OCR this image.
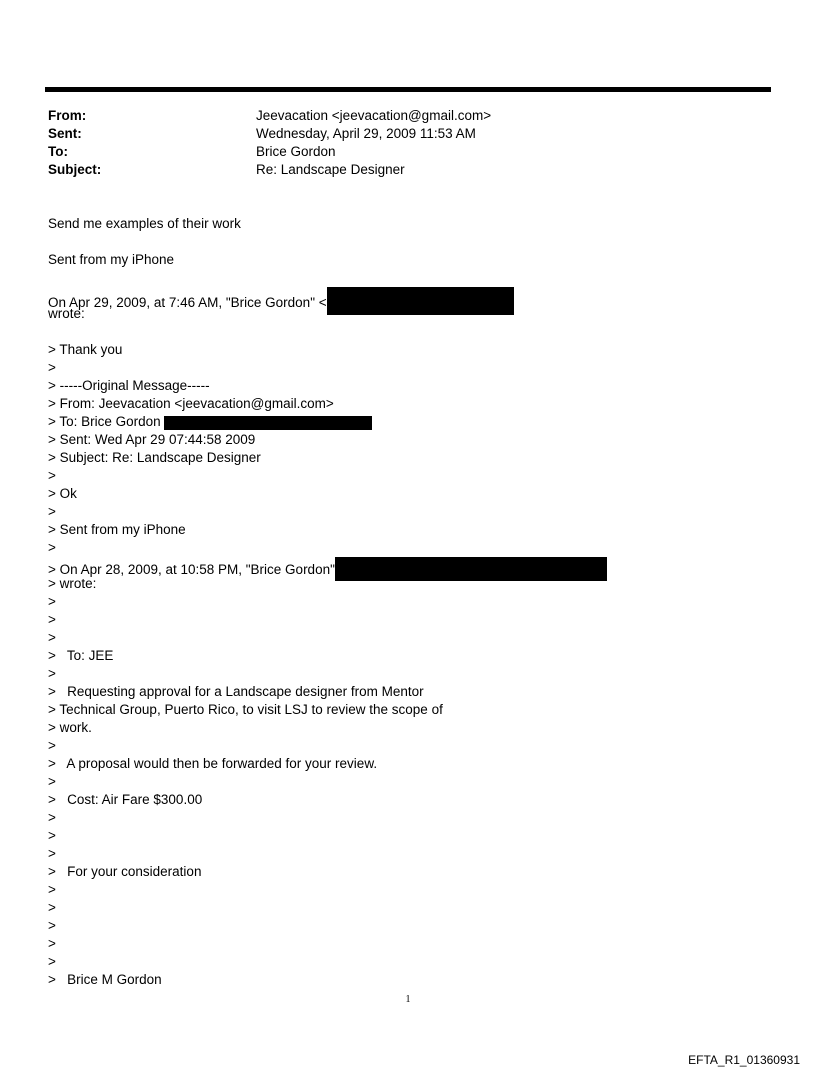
From:	Jeevacation <jeevacation@gmail.com>
Sent:	Wednesday, April 29, 2009 11:53 AM
To:	Brice Gordon
Subject:	Re: Landscape Designer
Send me examples of their work
Sent from my iPhone
On Apr 29, 2009, at 7:46 AM, "Brice Gordon" <
wrote:
> Thank you
>
> -----Original Message-----
> From: Jeevacation <jeevacation@gmail.com>
> To: Brice Gordon
> Sent: Wed Apr 29 07:44:58 2009
> Subject: Re: Landscape Designer
>
> Ok
>
> Sent from my iPhone
>
> On Apr 28, 2009, at 10:58 PM, "Brice Gordon"
> wrote:
>
>
>
>   To: JEE
>
>   Requesting approval for a Landscape designer from Mentor
> Technical Group, Puerto Rico, to visit LSJ to review the scope of
> work.
>
>   A proposal would then be forwarded for your review.
>
>   Cost: Air Fare $300.00
>
>
>
>   For your consideration
>
>
>
>
>
>   Brice M Gordon
1
EFTA_R1_01360931
